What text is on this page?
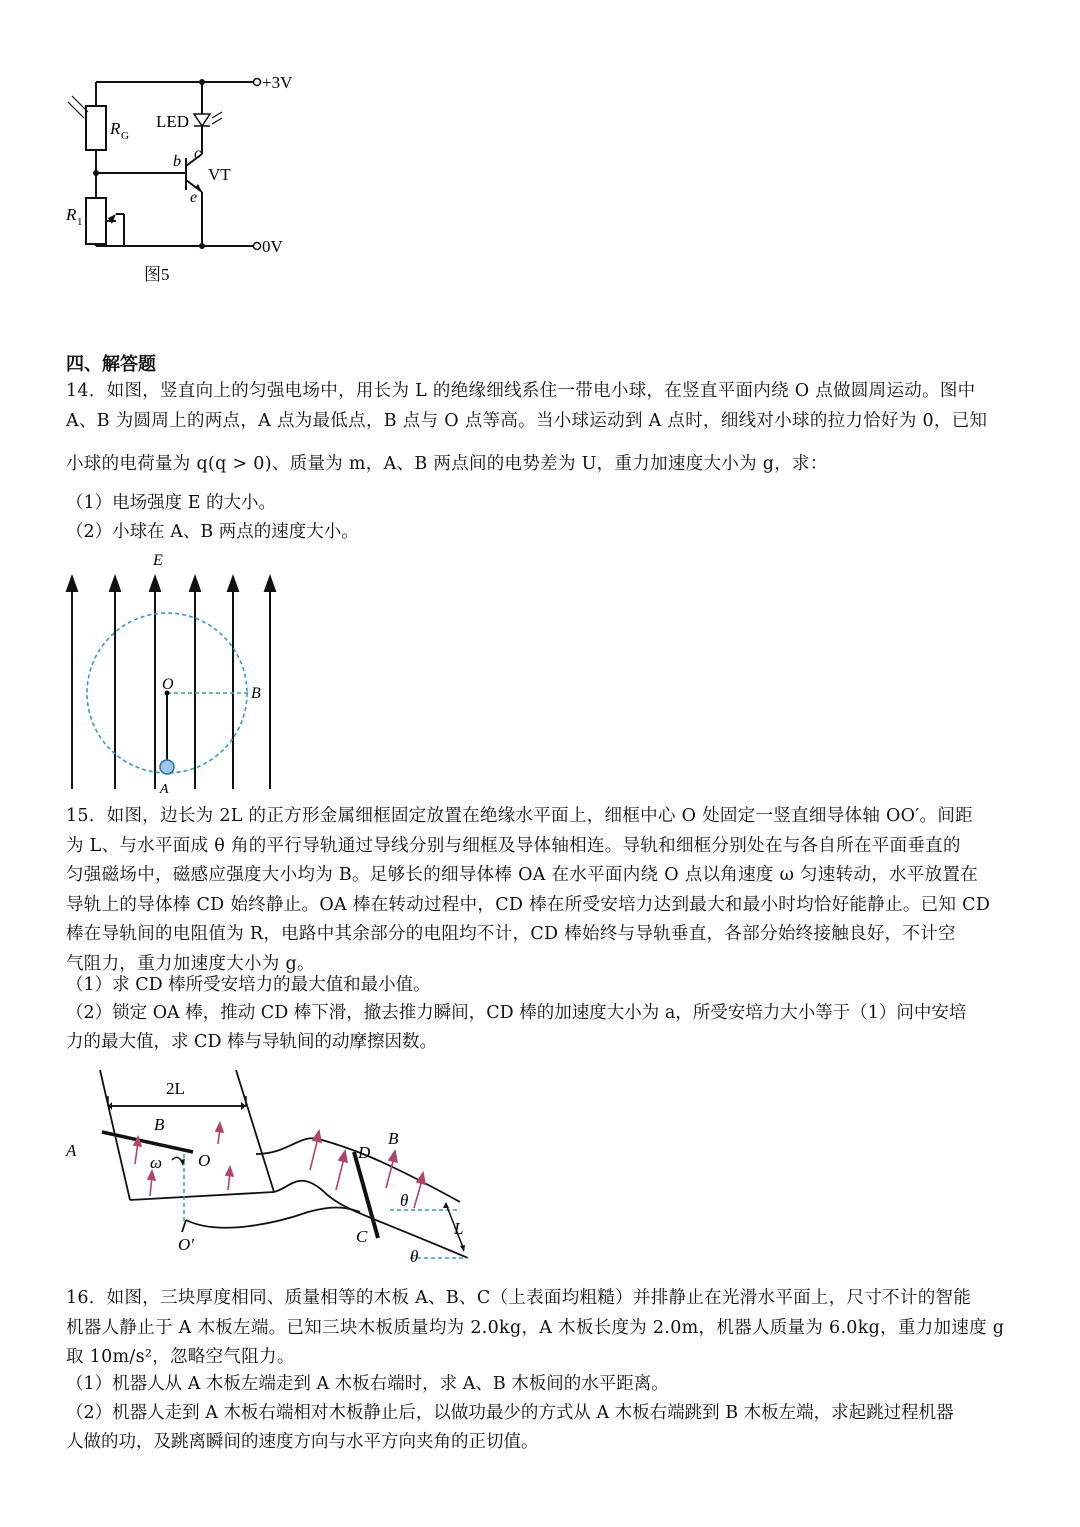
+3V
0V
R G
R 1
LED
VT
b c
e
图5
四、解答题
14．如图，竖直向上的匀强电场中，用长为 L 的绝缘细线系住一带电小球，在竖直平面内绕 O 点做圆周运动。图中
A、B 为圆周上的两点，A 点为最低点，B 点与 O 点等高。当小球运动到 A 点时，细线对小球的拉力恰好为 0，已知
小球的电荷量为 q(q > 0)、质量为 m，A、B 两点间的电势差为 U，重力加速度大小为 g，求：
（1）电场强度 E 的大小。
（2）小球在 A、B 两点的速度大小。
E
O
B
A
15．如图，边长为 2L 的正方形金属细框固定放置在绝缘水平面上，细框中心 O 处固定一竖直细导体轴 OO′。间距
为 L、与水平面成 θ 角的平行导轨通过导线分别与细框及导体轴相连。导轨和细框分别处在与各自所在平面垂直的
匀强磁场中，磁感应强度大小均为 B。足够长的细导体棒 OA 在水平面内绕 O 点以角速度 ω 匀速转动，水平放置在
导轨上的导体棒 CD 始终静止。OA 棒在转动过程中，CD 棒在所受安培力达到最大和最小时均恰好能静止。已知 CD
棒在导轨间的电阻值为 R，电路中其余部分的电阻均不计，CD 棒始终与导轨垂直，各部分始终接触良好，不计空
气阻力，重力加速度大小为 g。
（1）求 CD 棒所受安培力的最大值和最小值。
（2）锁定 OA 棒，推动 CD 棒下滑，撤去推力瞬间，CD 棒的加速度大小为 a，所受安培力大小等于（1）问中安培
力的最大值，求 CD 棒与导轨间的动摩擦因数。
2L
A
B
ω O
O′
D
B
C
θ
θ
L
16．如图，三块厚度相同、质量相等的木板 A、B、C（上表面均粗糙）并排静止在光滑水平面上，尺寸不计的智能
机器人静止于 A 木板左端。已知三块木板质量均为 2.0kg，A 木板长度为 2.0m，机器人质量为 6.0kg，重力加速度 g
取 10m/s²，忽略空气阻力。
（1）机器人从 A 木板左端走到 A 木板右端时，求 A、B 木板间的水平距离。
（2）机器人走到 A 木板右端相对木板静止后，以做功最少的方式从 A 木板右端跳到 B 木板左端，求起跳过程机器
人做的功，及跳离瞬间的速度方向与水平方向夹角的正切值。
